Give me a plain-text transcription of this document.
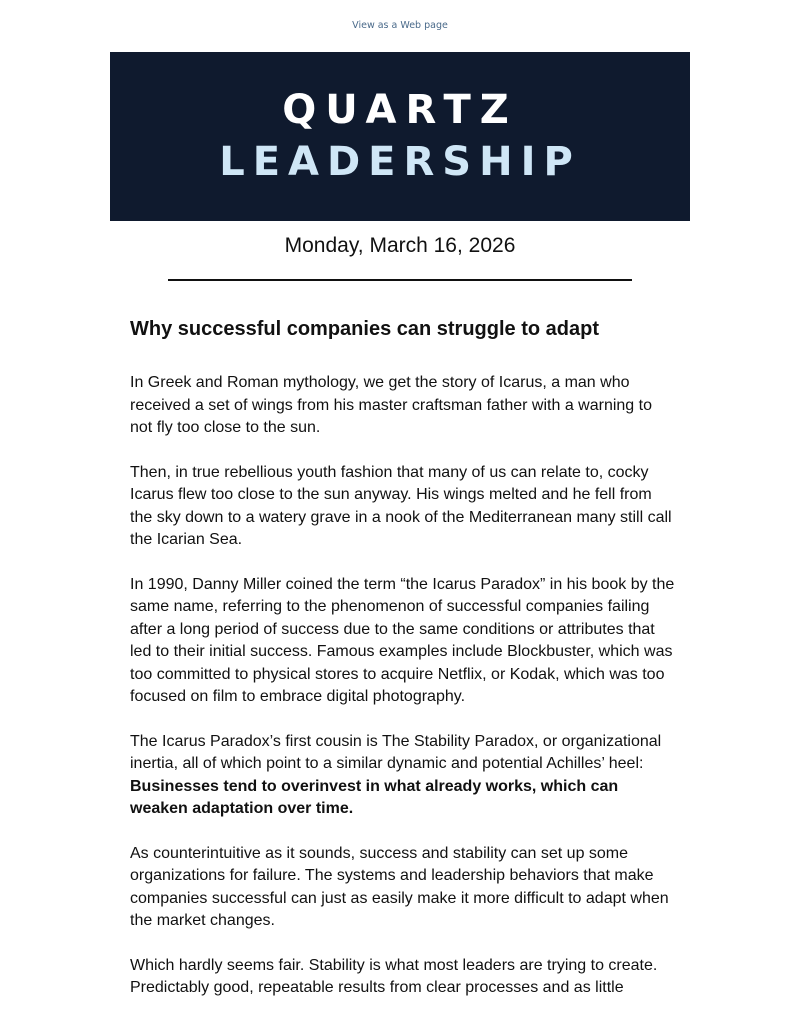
View as a Web page
QUARTZ
LEADERSHIP
Monday, March 16, 2026
Why successful companies can struggle to adapt

In Greek and Roman mythology, we get the story of Icarus, a man who received a set of wings from his master craftsman father with a warning to not fly too close to the sun.

Then, in true rebellious youth fashion that many of us can relate to, cocky Icarus flew too close to the sun anyway. His wings melted and he fell from the sky down to a watery grave in a nook of the Mediterranean many still call the Icarian Sea.

In 1990, Danny Miller coined the term “the Icarus Paradox” in his book by the same name, referring to the phenomenon of successful companies failing after a long period of success due to the same conditions or attributes that led to their initial success. Famous examples include Blockbuster, which was too committed to physical stores to acquire Netflix, or Kodak, which was too focused on film to embrace digital photography.

The Icarus Paradox’s first cousin is The Stability Paradox, or organizational inertia, all of which point to a similar dynamic and potential Achilles’ heel: Businesses tend to overinvest in what already works, which can weaken adaptation over time.

As counterintuitive as it sounds, success and stability can set up some organizations for failure. The systems and leadership behaviors that make companies successful can just as easily make it more difficult to adapt when the market changes.

Which hardly seems fair. Stability is what most leaders are trying to create. Predictably good, repeatable results from clear processes and as little
